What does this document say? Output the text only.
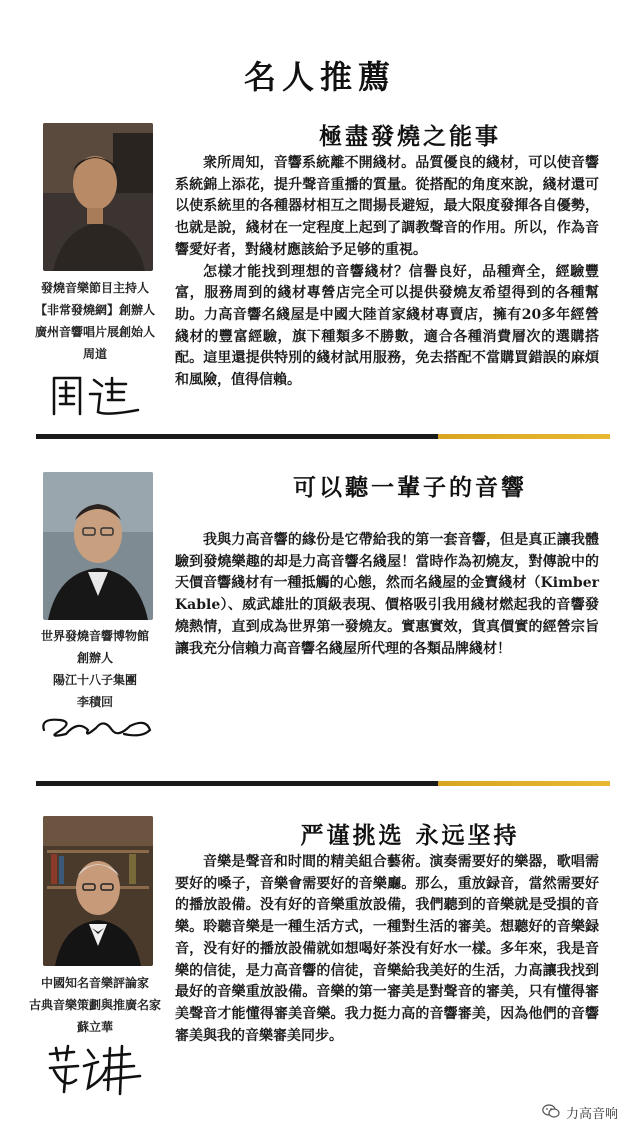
名人推薦
發燒音樂節目主持人
【非常發燒網】創辦人
廣州音響唱片展創始人
周道
極盡發燒之能事

衆所周知，音響系統離不開綫材。品質優良的綫材，可以使音響系統錦上添花，提升聲音重播的質量。從搭配的角度來說，綫材還可以使系統里的各種器材相互之間揚長避短，最大限度發揮各自優勢，也就是說，綫材在一定程度上起到了調教聲音的作用。所以，作為音響愛好者，對綫材應該給予足够的重視。

怎樣才能找到理想的音響綫材？信譽良好，品種齊全，經驗豐富，服務周到的綫材專營店完全可以提供發燒友希望得到的各種幫助。力高音響名綫屋是中國大陸首家綫材專賣店，擁有20多年經營綫材的豐富經驗，旗下種類多不勝數，適合各種消費層次的選購搭配。這里還提供特別的綫材試用服務，免去搭配不當購買錯誤的麻煩和風險，值得信賴。

世界發燒音響博物館
創辦人
陽江十八子集團
李積回
可以聽一輩子的音響

我與力高音響的緣份是它帶給我的第一套音響，但是真正讓我體驗到發燒樂趣的却是力高音響名綫屋！當時作為初燒友，對傳說中的天價音響綫材有一種抵觸的心態，然而名綫屋的金寶綫材（Kimber Kable）、威武雄壯的頂級表現、價格吸引我用綫材燃起我的音響發燒熱情，直到成為世界第一發燒友。實惠實效，貨真價實的經營宗旨讓我充分信賴力高音響名綫屋所代理的各類品牌綫材！

中國知名音樂評論家
古典音樂策劃與推廣名家
蘇立華
严谨挑选 永远坚持

音樂是聲音和时間的精美組合藝術。演奏需要好的樂器，歌唱需要好的嗓子，音樂會需要好的音樂廳。那么，重放録音，當然需要好的播放設備。没有好的音樂重放設備，我們聽到的音樂就是受損的音樂。聆聽音樂是一種生活方式，一種對生活的審美。想聽好的音樂録音，没有好的播放設備就如想喝好茶没有好水一樣。多年來，我是音樂的信徒，是力高音響的信徒，音樂給我美好的生活，力高讓我找到最好的音樂重放設備。音樂的第一審美是對聲音的審美，只有懂得審美聲音才能懂得審美音樂。我力挺力高的音響審美，因為他們的音響審美與我的音樂審美同步。

力高音响
